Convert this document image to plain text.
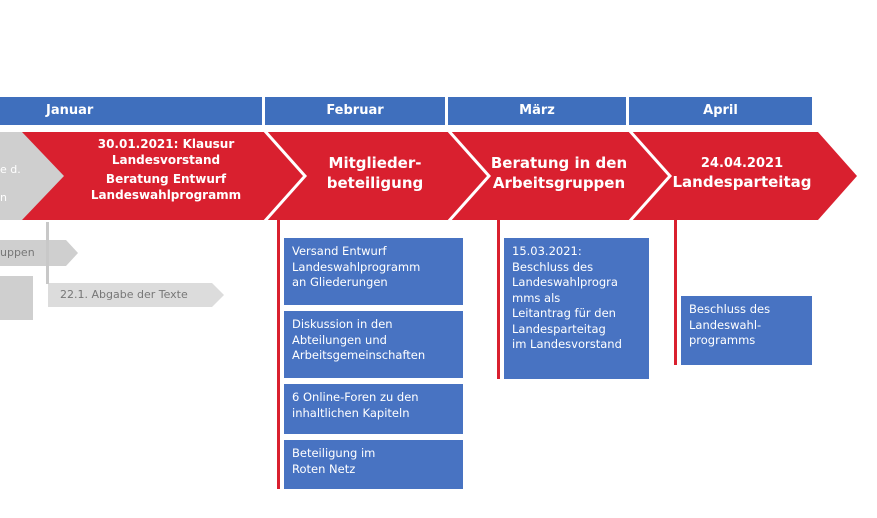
Januar	Februar	März	April
e d.
n
30.01.2021: Klausur
Landesvorstand
Beratung Entwurf
Landeswahlprogramm
Mitglieder-
beteiligung
Beratung in den
Arbeitsgruppen
24.04.2021
Landesparteitag
uppen
22.1. Abgabe der Texte
Versand Entwurf
Landeswahlprogramm
an Gliederungen
Diskussion in den
Abteilungen und
Arbeitsgemeinschaften
6 Online-Foren zu den
inhaltlichen Kapiteln
Beteiligung im
Roten Netz
15.03.2021:
Beschluss des
Landeswahlprogra
mms als
Leitantrag für den
Landesparteitag
im Landesvorstand
Beschluss des
Landeswahl-
programms
